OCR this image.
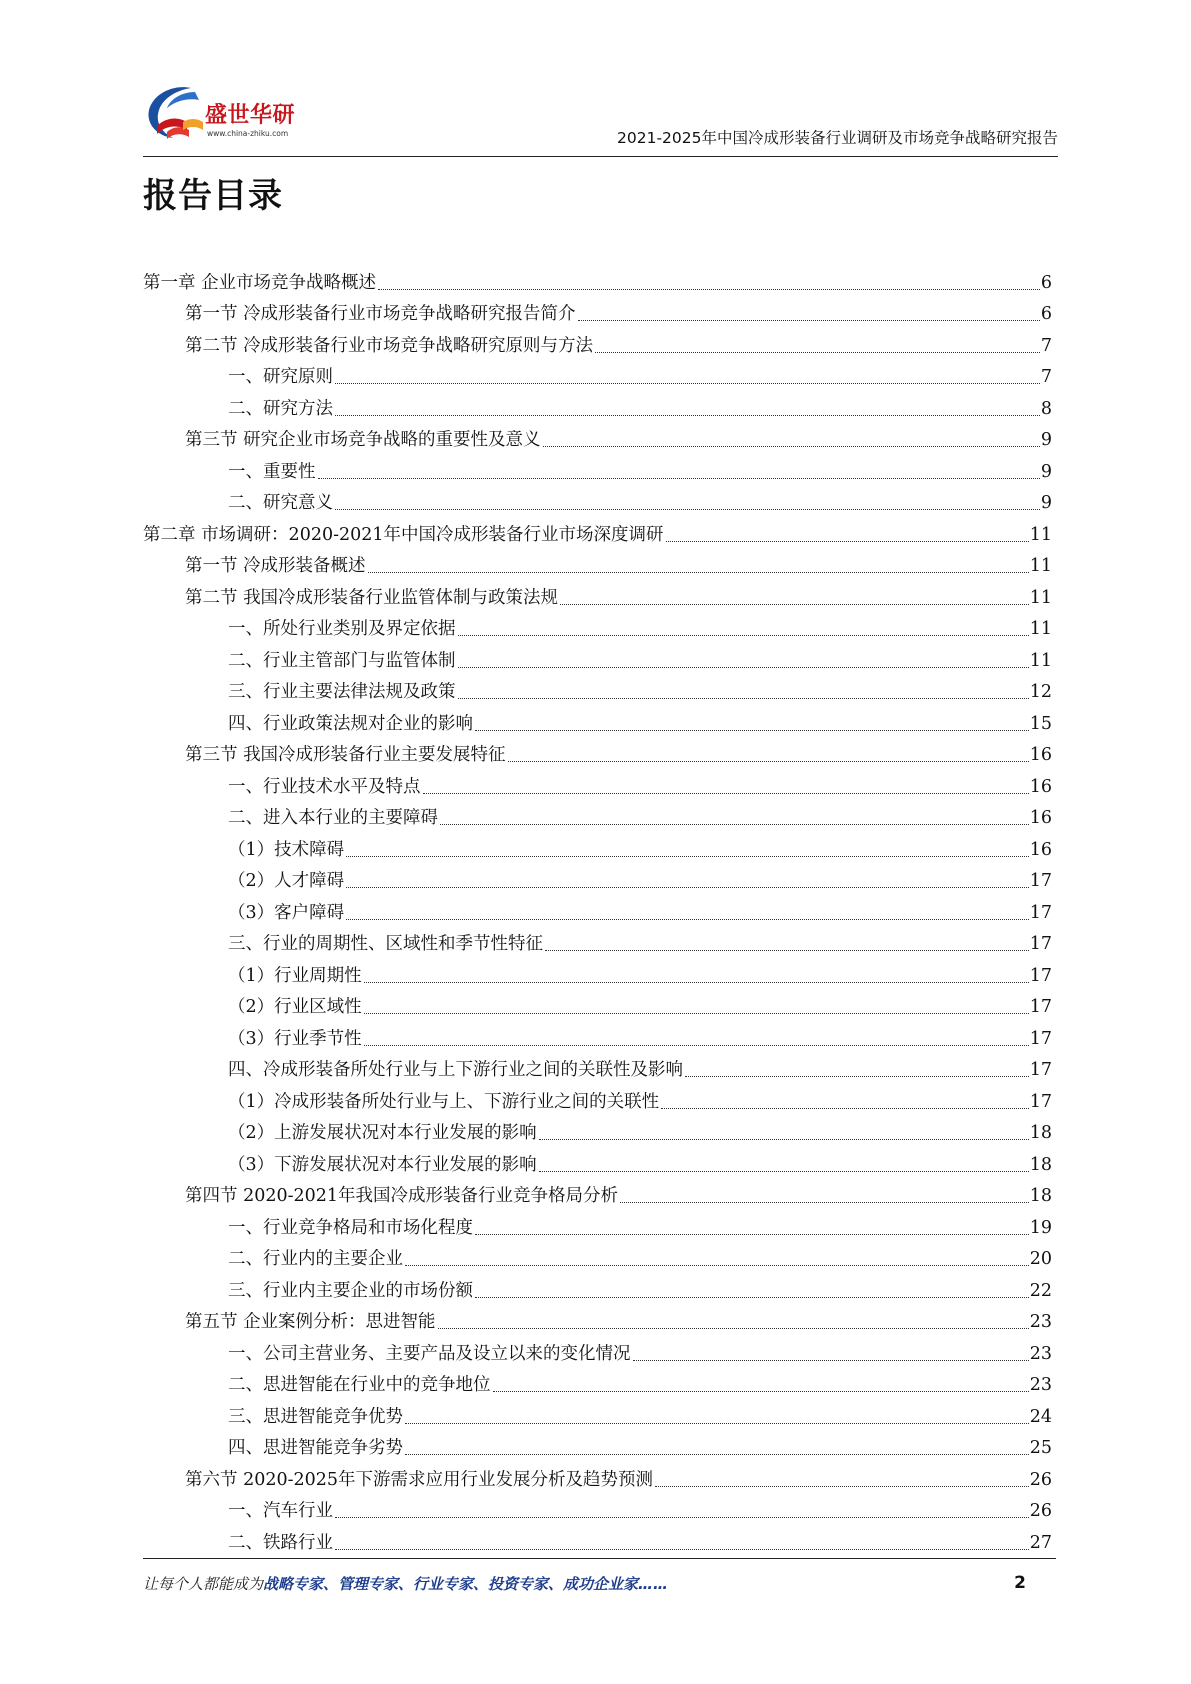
盛世华研
www.china-zhiku.com	2021-2025年中国冷成形装备行业调研及市场竞争战略研究报告
报告目录
第一章 企业市场竞争战略概述	6
第一节 冷成形装备行业市场竞争战略研究报告简介	6
第二节 冷成形装备行业市场竞争战略研究原则与方法	7
一、研究原则	7
二、研究方法	8
第三节 研究企业市场竞争战略的重要性及意义	9
一、重要性	9
二、研究意义	9
第二章 市场调研：2020-2021年中国冷成形装备行业市场深度调研	11
第一节 冷成形装备概述	11
第二节 我国冷成形装备行业监管体制与政策法规	11
一、所处行业类别及界定依据	11
二、行业主管部门与监管体制	11
三、行业主要法律法规及政策	12
四、行业政策法规对企业的影响	15
第三节 我国冷成形装备行业主要发展特征	16
一、行业技术水平及特点	16
二、进入本行业的主要障碍	16
（1）技术障碍	16
（2）人才障碍	17
（3）客户障碍	17
三、行业的周期性、区域性和季节性特征	17
（1）行业周期性	17
（2）行业区域性	17
（3）行业季节性	17
四、冷成形装备所处行业与上下游行业之间的关联性及影响	17
（1）冷成形装备所处行业与上、下游行业之间的关联性	17
（2）上游发展状况对本行业发展的影响	18
（3）下游发展状况对本行业发展的影响	18
第四节 2020-2021年我国冷成形装备行业竞争格局分析	18
一、行业竞争格局和市场化程度	19
二、行业内的主要企业	20
三、行业内主要企业的市场份额	22
第五节 企业案例分析：思进智能	23
一、公司主营业务、主要产品及设立以来的变化情况	23
二、思进智能在行业中的竞争地位	23
三、思进智能竞争优势	24
四、思进智能竞争劣势	25
第六节 2020-2025年下游需求应用行业发展分析及趋势预测	26
一、汽车行业	26
二、铁路行业	27
让每个人都能成为战略专家、管理专家、行业专家、投资专家、成功企业家……	2
